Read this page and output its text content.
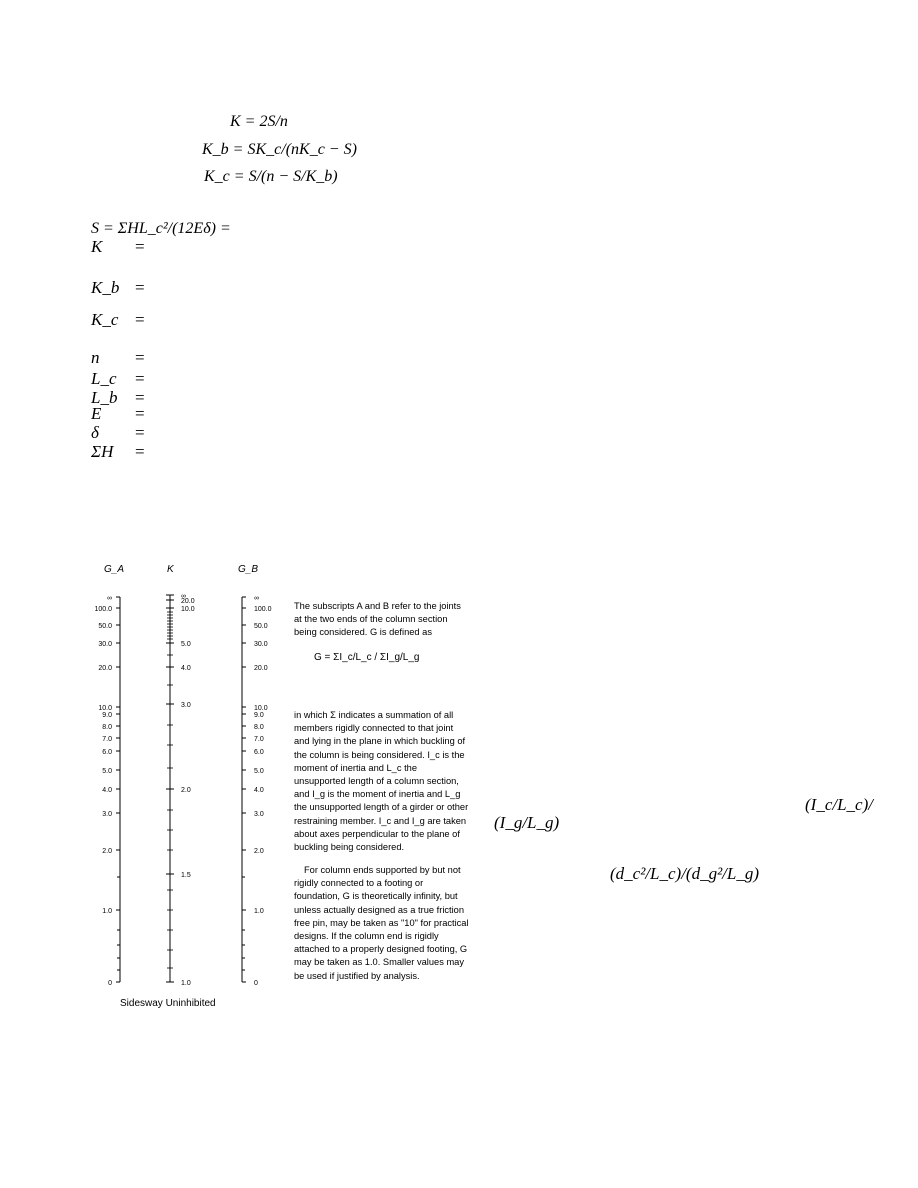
K = 2S/n
K_b = SK_c/(nK_c − S)
K_c = S/(n − S/K_b)
S = ΣHL_c²/(12Eδ) =
K =
K_b =
K_c =
n =
L_c =
L_b =
E =
δ =
ΣH =
G_A	K	G_B
∞
100.0
50.0
30.0
20.0
10.0
9.0
8.0
7.0
6.0
5.0
4.0
3.0
2.0
1.0
0
∞
20.0
10.0
5.0
4.0
3.0
2.0
1.5
1.0
∞
100.0
50.0
30.0
20.0
10.0
9.0
8.0
7.0
6.0
5.0
4.0
3.0
2.0
1.0
0
Sidesway Uninhibited
The subscripts A and B refer to the joints at the two ends of the column section being considered. G is defined as
G = ΣI_c/L_c / ΣI_g/L_g
in which Σ indicates a summation of all members rigidly connected to that joint and lying in the plane in which buckling of the column is being considered. I_c is the moment of inertia and L_c the unsupported length of a column section, and I_g is the moment of inertia and L_g the unsupported length of a girder or other restraining member. I_c and I_g are taken about axes perpendicular to the plane of buckling being considered.
For column ends supported by but not rigidly connected to a footing or foundation, G is theoretically infinity, but unless actually designed as a true friction free pin, may be taken as "10" for practical designs. If the column end is rigidly attached to a properly designed footing, G may be taken as 1.0. Smaller values may be used if justified by analysis.
(I_c/L_c)/
(I_g/L_g)
(d_c²/L_c)/(d_g²/L_g)
